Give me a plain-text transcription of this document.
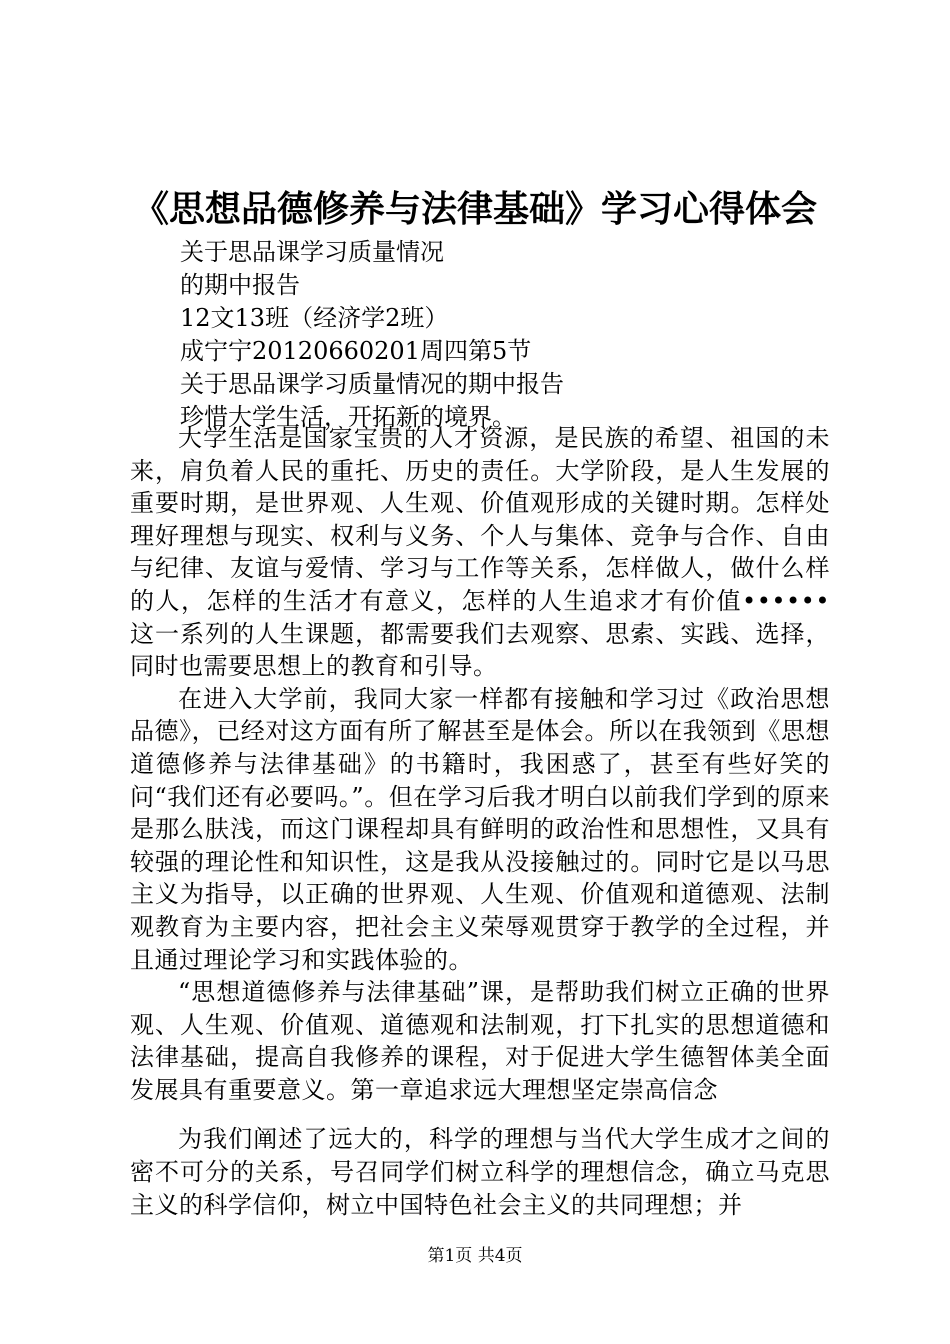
《思想品德修养与法律基础》学习心得体会
关于思品课学习质量情况
的期中报告
12文13班（经济学2班）
成宁宁20120660201周四第5节
关于思品课学习质量情况的期中报告
珍惜大学生活，开拓新的境界。

大学生活是国家宝贵的人才资源，是民族的希望、祖国的未来，肩负着人民的重托、历史的责任。大学阶段，是人生发展的重要时期，是世界观、人生观、价值观形成的关键时期。怎样处理好理想与现实、权利与义务、个人与集体、竞争与合作、自由与纪律、友谊与爱情、学习与工作等关系，怎样做人，做什么样的人，怎样的生活才有意义，怎样的人生追求才有价值••••••这一系列的人生课题，都需要我们去观察、思索、实践、选择，同时也需要思想上的教育和引导。

在进入大学前，我同大家一样都有接触和学习过《政治思想品德》，已经对这方面有所了解甚至是体会。所以在我领到《思想道德修养与法律基础》的书籍时，我困惑了，甚至有些好笑的问“我们还有必要吗。”。但在学习后我才明白以前我们学到的原来是那么肤浅，而这门课程却具有鲜明的政治性和思想性，又具有较强的理论性和知识性，这是我从没接触过的。同时它是以马思主义为指导，以正确的世界观、人生观、价值观和道德观、法制观教育为主要内容，把社会主义荣辱观贯穿于教学的全过程，并且通过理论学习和实践体验的。

“思想道德修养与法律基础”课，是帮助我们树立正确的世界观、人生观、价值观、道德观和法制观，打下扎实的思想道德和法律基础，提高自我修养的课程，对于促进大学生德智体美全面发展具有重要意义。第一章追求远大理想坚定崇高信念

为我们阐述了远大的，科学的理想与当代大学生成才之间的密不可分的关系，号召同学们树立科学的理想信念，确立马克思主义的科学信仰，树立中国特色社会主义的共同理想；并

第1页 共4页
